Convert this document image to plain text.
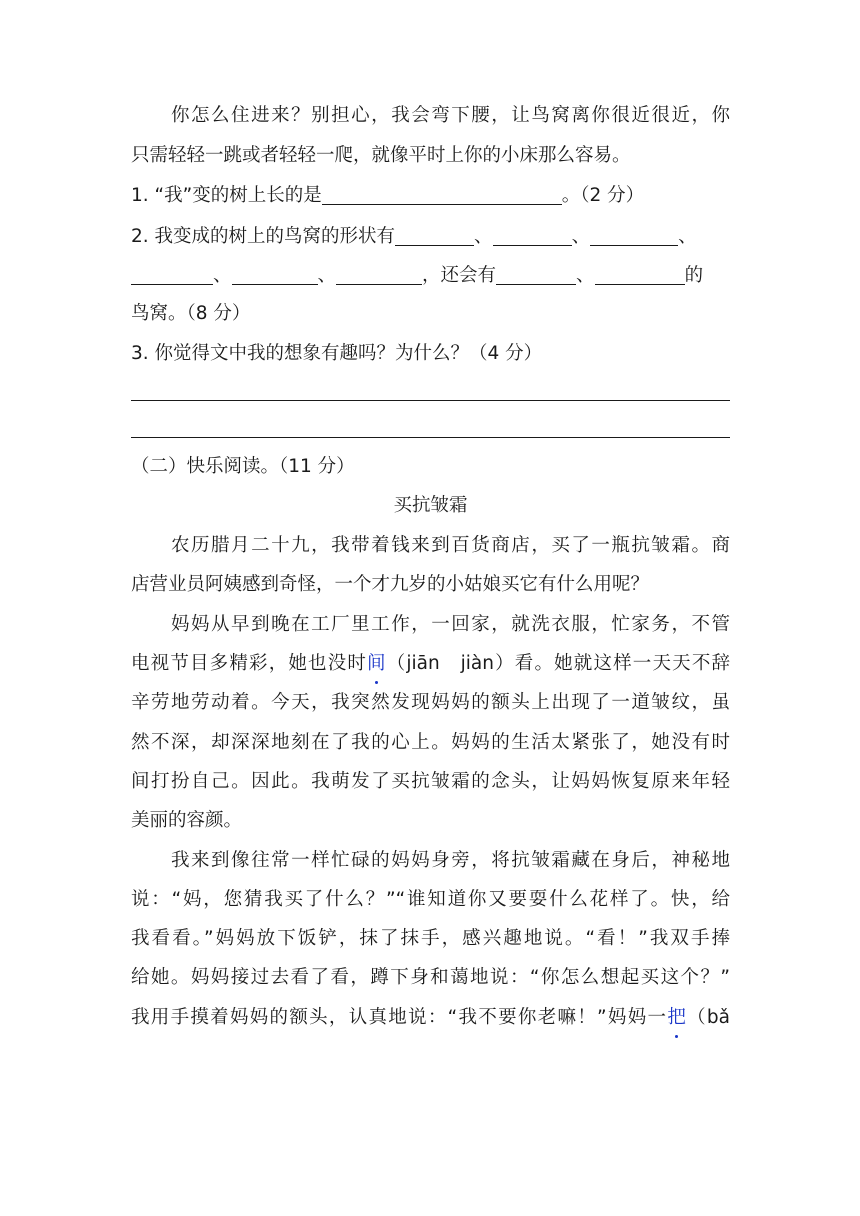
你怎么住进来？别担心，我会弯下腰，让鸟窝离你很近很近，你
只需轻轻一跳或者轻轻一爬，就像平时上你的小床那么容易。
1. “我”变的树上长的是	。（2 分）
2. 我变成的树上的鸟窝的形状有	、	、	、
、	、	，还会有	、	的
鸟窝。（8 分）
3. 你觉得文中我的想象有趣吗？为什么？（4 分）
（二）快乐阅读。（11 分）
买抗皱霜
农历腊月二十九，我带着钱来到百货商店，买了一瓶抗皱霜。商
店营业员阿姨感到奇怪，一个才九岁的小姑娘买它有什么用呢？
妈妈从早到晚在工厂里工作，一回家，就洗衣服，忙家务，不管
电视节目多精彩，她也没时间（jiān　jiàn）看。她就这样一天天不辞
辛劳地劳动着。今天，我突然发现妈妈的额头上出现了一道皱纹，虽
然不深，却深深地刻在了我的心上。妈妈的生活太紧张了，她没有时
间打扮自己。因此。我萌发了买抗皱霜的念头，让妈妈恢复原来年轻
美丽的容颜。
我来到像往常一样忙碌的妈妈身旁，将抗皱霜藏在身后，神秘地
说：“妈，您猜我买了什么？”“谁知道你又要耍什么花样了。快，给
我看看。”妈妈放下饭铲，抹了抹手，感兴趣地说。“看！”我双手捧
给她。妈妈接过去看了看，蹲下身和蔼地说：“你怎么想起买这个？”
我用手摸着妈妈的额头，认真地说：“我不要你老嘛！”妈妈一把（bǎ
